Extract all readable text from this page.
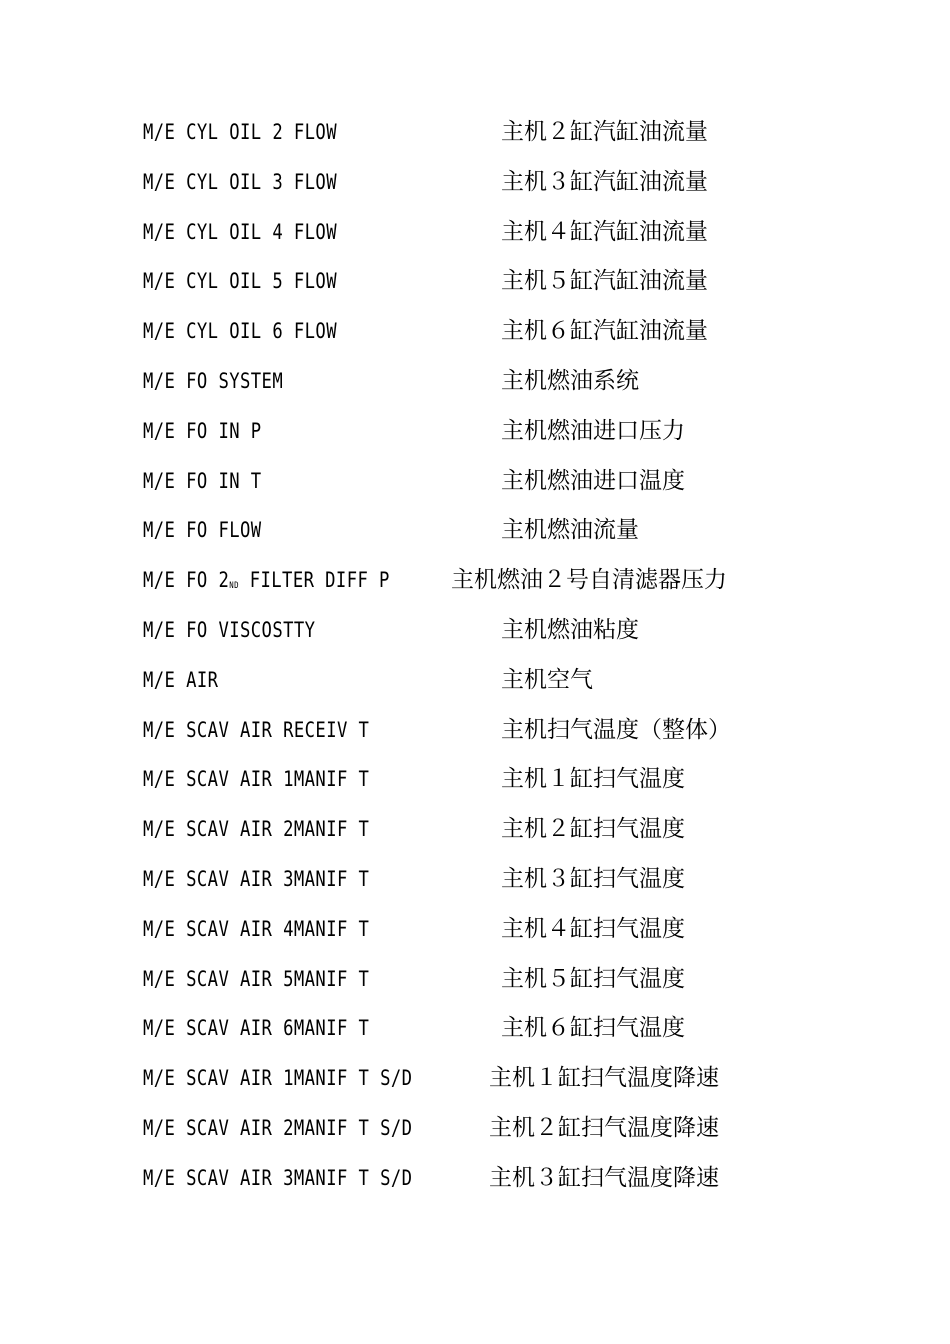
M/E CYL OIL 2 FLOW	主机２缸汽缸油流量
M/E CYL OIL 3 FLOW	主机３缸汽缸油流量
M/E CYL OIL 4 FLOW	主机４缸汽缸油流量
M/E CYL OIL 5 FLOW	主机５缸汽缸油流量
M/E CYL OIL 6 FLOW	主机６缸汽缸油流量
M/E FO SYSTEM	主机燃油系统
M/E FO IN P	主机燃油进口压力
M/E FO IN T	主机燃油进口温度
M/E FO FLOW	主机燃油流量
M/E FO $2_{ND}$ FILTER DIFF P	主机燃油２号自清滤器压力
M/E FO VISCOSTTY	主机燃油粘度
M/E AIR	主机空气
M/E SCAV AIR RECEIV T	主机扫气温度（整体）
M/E SCAV AIR 1MANIF T	主机１缸扫气温度
M/E SCAV AIR 2MANIF T	主机２缸扫气温度
M/E SCAV AIR 3MANIF T	主机３缸扫气温度
M/E SCAV AIR 4MANIF T	主机４缸扫气温度
M/E SCAV AIR 5MANIF T	主机５缸扫气温度
M/E SCAV AIR 6MANIF T	主机６缸扫气温度
M/E SCAV AIR 1MANIF T S/D	主机１缸扫气温度降速
M/E SCAV AIR 2MANIF T S/D	主机２缸扫气温度降速
M/E SCAV AIR 3MANIF T S/D	主机３缸扫气温度降速
